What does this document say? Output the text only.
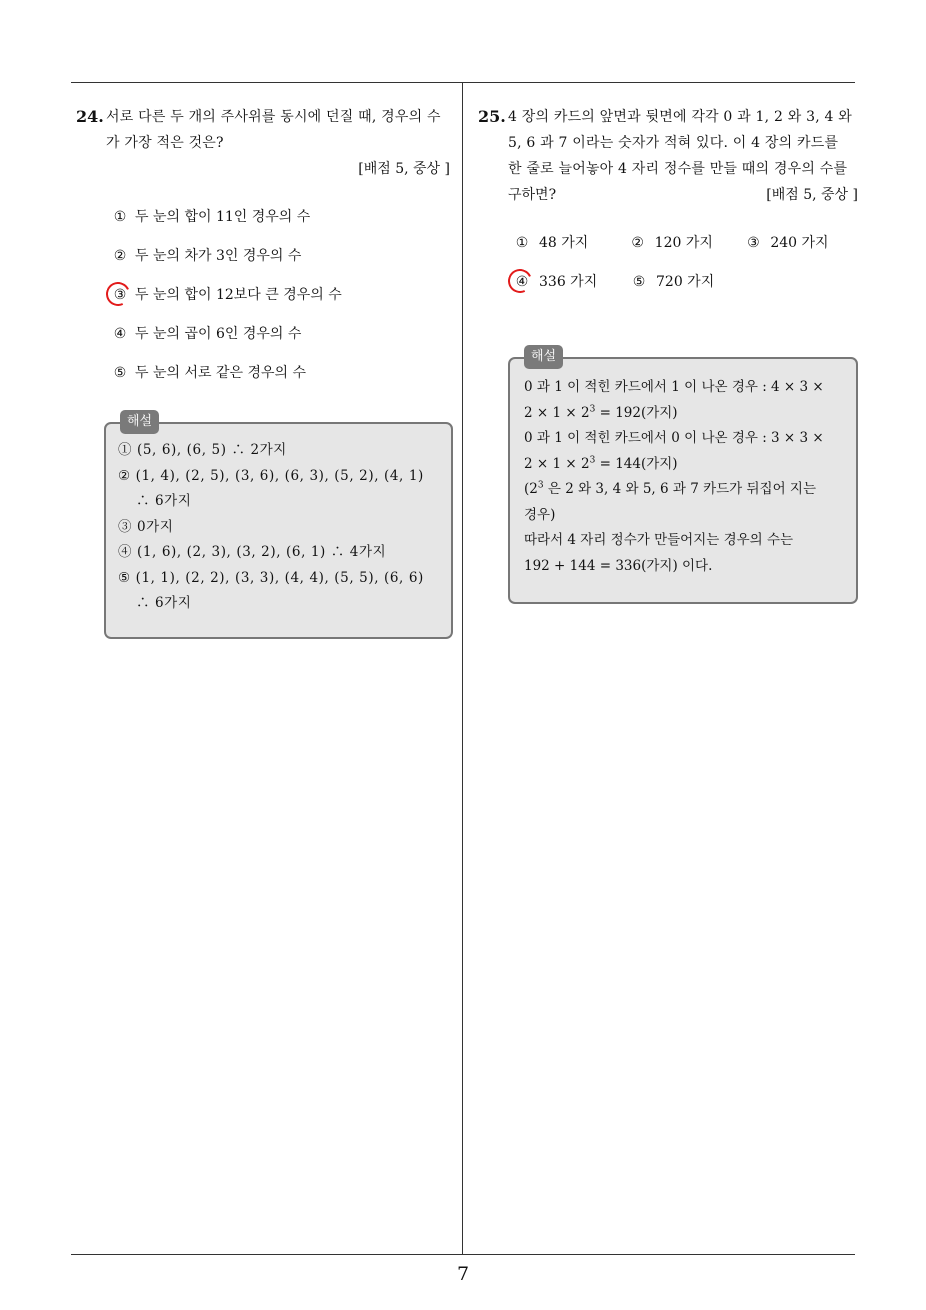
7
24. 서로 다른 두 개의 주사위를 동시에 던질 때, 경우의 수가 가장 적은 것은?
[배점 5, 중상 ]
① 두 눈의 합이 11인 경우의 수
② 두 눈의 차가 3인 경우의 수
③ 두 눈의 합이 12보다 큰 경우의 수
④ 두 눈의 곱이 6인 경우의 수
⑤ 두 눈의 서로 같은 경우의 수
해설
① (5, 6), (6, 5) ∴ 2가지
② (1, 4), (2, 5), (3, 6), (6, 3), (5, 2), (4, 1)
∴ 6가지
③ 0가지
④ (1, 6), (2, 3), (3, 2), (6, 1) ∴ 4가지
⑤ (1, 1), (2, 2), (3, 3), (4, 4), (5, 5), (6, 6)
∴ 6가지
25. 4 장의 카드의 앞면과 뒷면에 각각 0 과 1, 2 와 3, 4 와
5, 6 과 7 이라는 숫자가 적혀 있다. 이 4 장의 카드를
한 줄로 늘어놓아 4 자리 정수를 만들 때의 경우의 수를
구하면?	[배점 5, 중상 ]
① 48 가지	② 120 가지	③ 240 가지
④ 336 가지	⑤ 720 가지
해설
0 과 1 이 적힌 카드에서 1 이 나온 경우 : 4 × 3 ×
$2 \times 1 \times 2^3 = 192$(가지)
0 과 1 이 적힌 카드에서 0 이 나온 경우 : 3 × 3 ×
$2 \times 1 \times 2^3 = 144$(가지)
($2^3$ 은 2 와 3, 4 와 5, 6 과 7 카드가 뒤집어 지는
경우)
따라서 4 자리 정수가 만들어지는 경우의 수는
192 + 144 = 336(가지) 이다.
